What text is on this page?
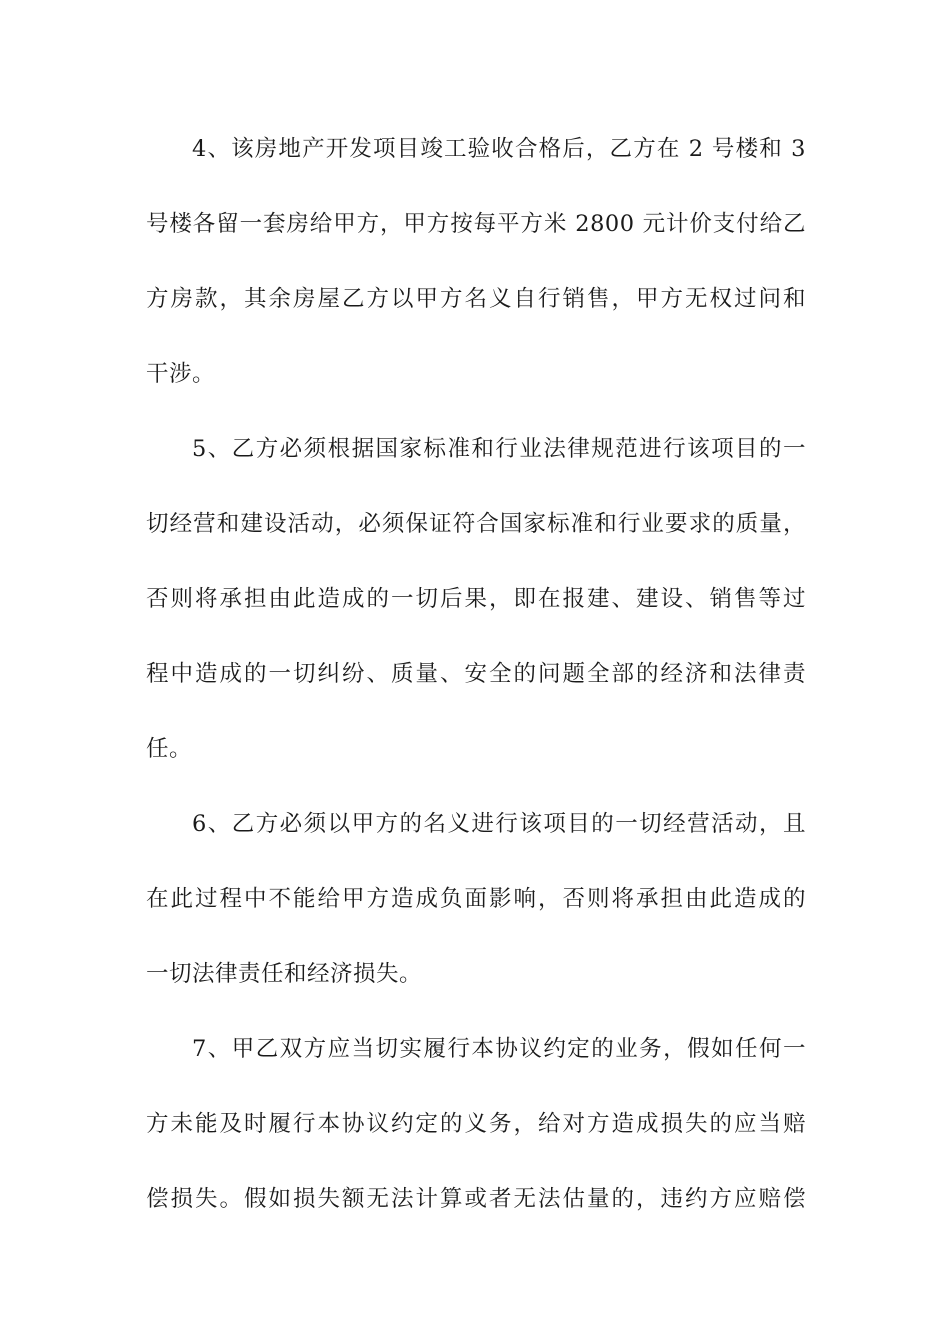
4、该房地产开发项目竣工验收合格后，乙方在 2 号楼和 3
号楼各留一套房给甲方，甲方按每平方米 2800 元计价支付给乙
方房款，其余房屋乙方以甲方名义自行销售，甲方无权过问和
干涉。
5、乙方必须根据国家标准和行业法律规范进行该项目的一
切经营和建设活动，必须保证符合国家标准和行业要求的质量，
否则将承担由此造成的一切后果，即在报建、建设、销售等过
程中造成的一切纠纷、质量、安全的问题全部的经济和法律责
任。
6、乙方必须以甲方的名义进行该项目的一切经营活动，且
在此过程中不能给甲方造成负面影响，否则将承担由此造成的
一切法律责任和经济损失。
7、甲乙双方应当切实履行本协议约定的业务，假如任何一
方未能及时履行本协议约定的义务，给对方造成损失的应当赔
偿损失。假如损失额无法计算或者无法估量的，违约方应赔偿
